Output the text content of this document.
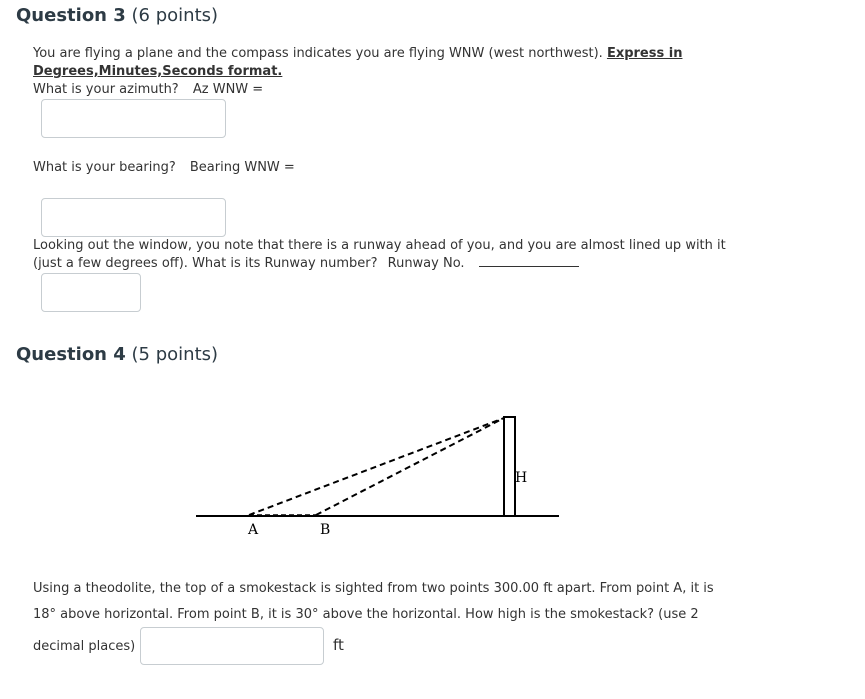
Question 3 (6 points)
You are flying a plane and the compass indicates you are flying WNW (west northwest). Express in
Degrees,Minutes,Seconds format.
What is your azimuth? Az WNW =
What is your bearing? Bearing WNW =
Looking out the window, you note that there is a runway ahead of you, and you are almost lined up with it
(just a few degrees off). What is its Runway number? Runway No.
Question 4 (5 points)
A	B
H
Using a theodolite, the top of a smokestack is sighted from two points 300.00 ft apart. From point A, it is
18° above horizontal. From point B, it is 30° above the horizontal. How high is the smokestack? (use 2
decimal places)	ft
